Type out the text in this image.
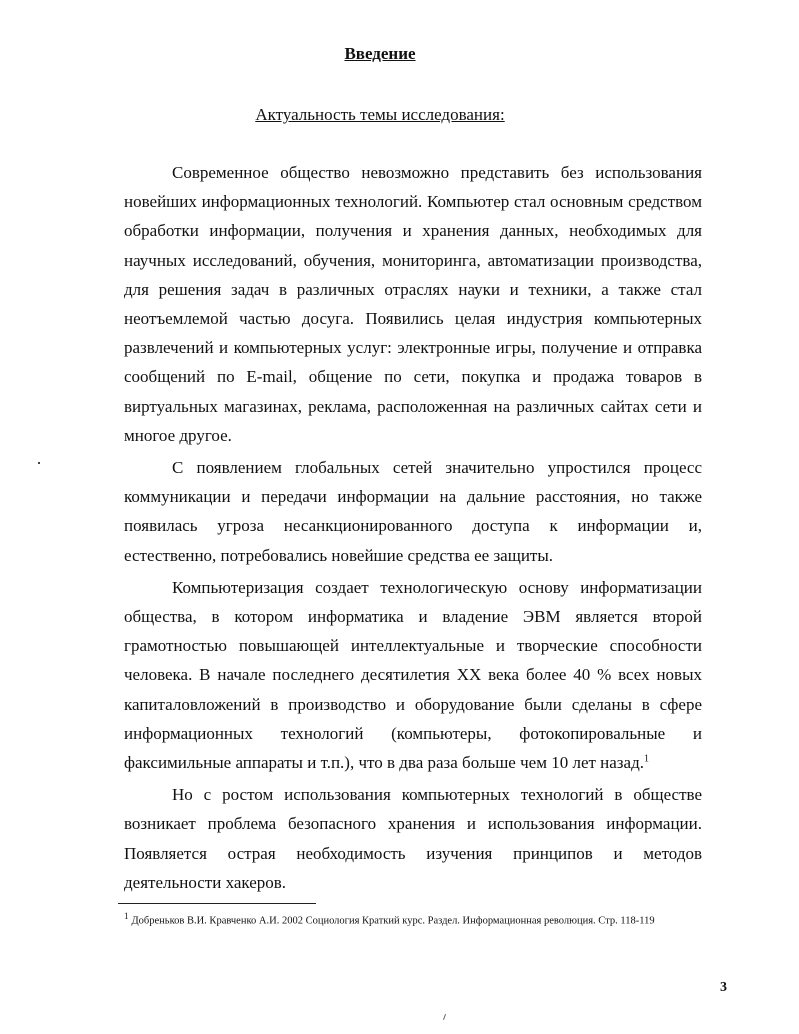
Введение
Актуальность темы исследования:

Современное общество невозможно представить без использования новейших информационных технологий. Компьютер стал основным средством обработки информации, получения и хранения данных, необходимых для научных исследований, обучения, мониторинга, автоматизации производства, для решения задач в различных отраслях науки и техники, а также стал неотъемлемой частью досуга. Появились целая индустрия компьютерных развлечений и компьютерных услуг: электронные игры, получение и отправка сообщений по E-mail, общение по сети, покупка и продажа товаров в виртуальных магазинах, реклама, расположенная на различных сайтах сети и многое другое.

С появлением глобальных сетей значительно упростился процесс коммуникации и передачи информации на дальние расстояния, но также появилась угроза несанкционированного доступа к информации и, естественно, потребовались новейшие средства ее защиты.

Компьютеризация создает технологическую основу информатизации общества, в котором информатика и владение ЭВМ является второй грамотностью повышающей интеллектуальные и творческие способности человека. В начале последнего десятилетия XX века более 40 % всех новых капиталовложений в производство и оборудование были сделаны в сфере информационных технологий (компьютеры, фотокопировальные и факсимильные аппараты и т.п.), что в два раза больше чем 10 лет назад.$^1$

Но с ростом использования компьютерных технологий в обществе возникает проблема безопасного хранения и использования информации. Появляется острая необходимость изучения принципов и методов деятельности хакеров.

$^1$ Добреньков В.И. Кравченко А.И. 2002 Социология Краткий курс. Раздел. Информационная революция. Стр. 118-119
3
